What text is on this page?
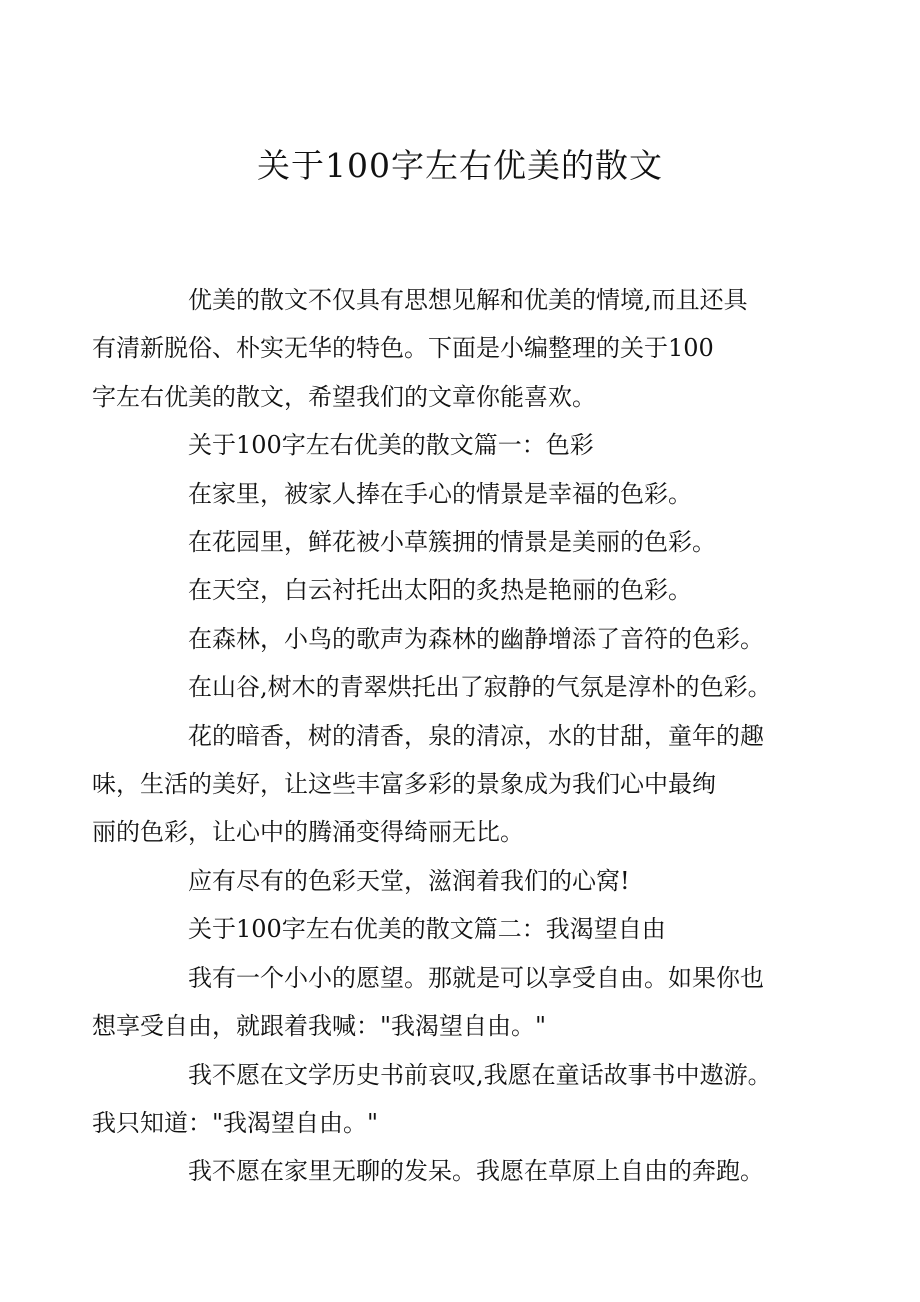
关于100字左右优美的散文

优美的散文不仅具有思想见解和优美的情境,而且还具
有清新脱俗、朴实无华的特色。下面是小编整理的关于100
字左右优美的散文，希望我们的文章你能喜欢。

关于100字左右优美的散文篇一：色彩

在家里，被家人捧在手心的情景是幸福的色彩。

在花园里，鲜花被小草簇拥的情景是美丽的色彩。

在天空，白云衬托出太阳的炙热是艳丽的色彩。

在森林，小鸟的歌声为森林的幽静增添了音符的色彩。

在山谷,树木的青翠烘托出了寂静的气氛是淳朴的色彩。

花的暗香，树的清香，泉的清凉，水的甘甜，童年的趣
味，生活的美好，让这些丰富多彩的景象成为我们心中最绚
丽的色彩，让心中的腾涌变得绮丽无比。

应有尽有的色彩天堂，滋润着我们的心窝!

关于100字左右优美的散文篇二：我渴望自由

我有一个小小的愿望。那就是可以享受自由。如果你也
想享受自由，就跟着我喊："我渴望自由。"

我不愿在文学历史书前哀叹,我愿在童话故事书中遨游。
我只知道："我渴望自由。"

我不愿在家里无聊的发呆。我愿在草原上自由的奔跑。
